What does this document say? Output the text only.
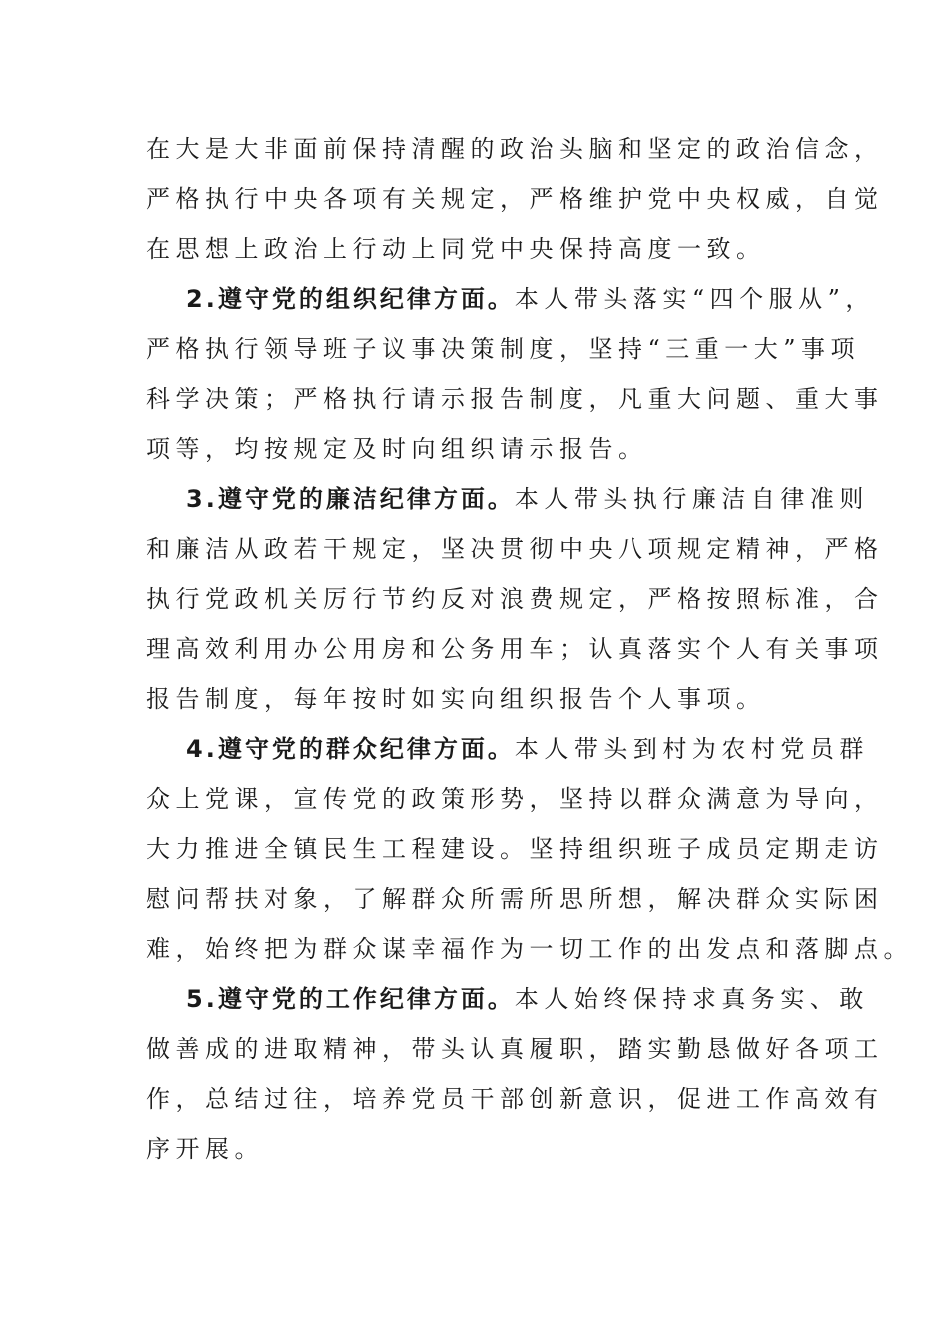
在大是大非面前保持清醒的政治头脑和坚定的政治信念，
严格执行中央各项有关规定，严格维护党中央权威，自觉
在思想上政治上行动上同党中央保持高度一致。
2.遵守党的组织纪律方面。本人带头落实“四个服从”，
严格执行领导班子议事决策制度，坚持“三重一大”事项
科学决策；严格执行请示报告制度，凡重大问题、重大事
项等，均按规定及时向组织请示报告。
3.遵守党的廉洁纪律方面。本人带头执行廉洁自律准则
和廉洁从政若干规定，坚决贯彻中央八项规定精神，严格
执行党政机关厉行节约反对浪费规定，严格按照标准，合
理高效利用办公用房和公务用车；认真落实个人有关事项
报告制度，每年按时如实向组织报告个人事项。
4.遵守党的群众纪律方面。本人带头到村为农村党员群
众上党课，宣传党的政策形势，坚持以群众满意为导向，
大力推进全镇民生工程建设。坚持组织班子成员定期走访
慰问帮扶对象，了解群众所需所思所想，解决群众实际困
难，始终把为群众谋幸福作为一切工作的出发点和落脚点。
5.遵守党的工作纪律方面。本人始终保持求真务实、敢
做善成的进取精神，带头认真履职，踏实勤恳做好各项工
作，总结过往，培养党员干部创新意识，促进工作高效有
序开展。
